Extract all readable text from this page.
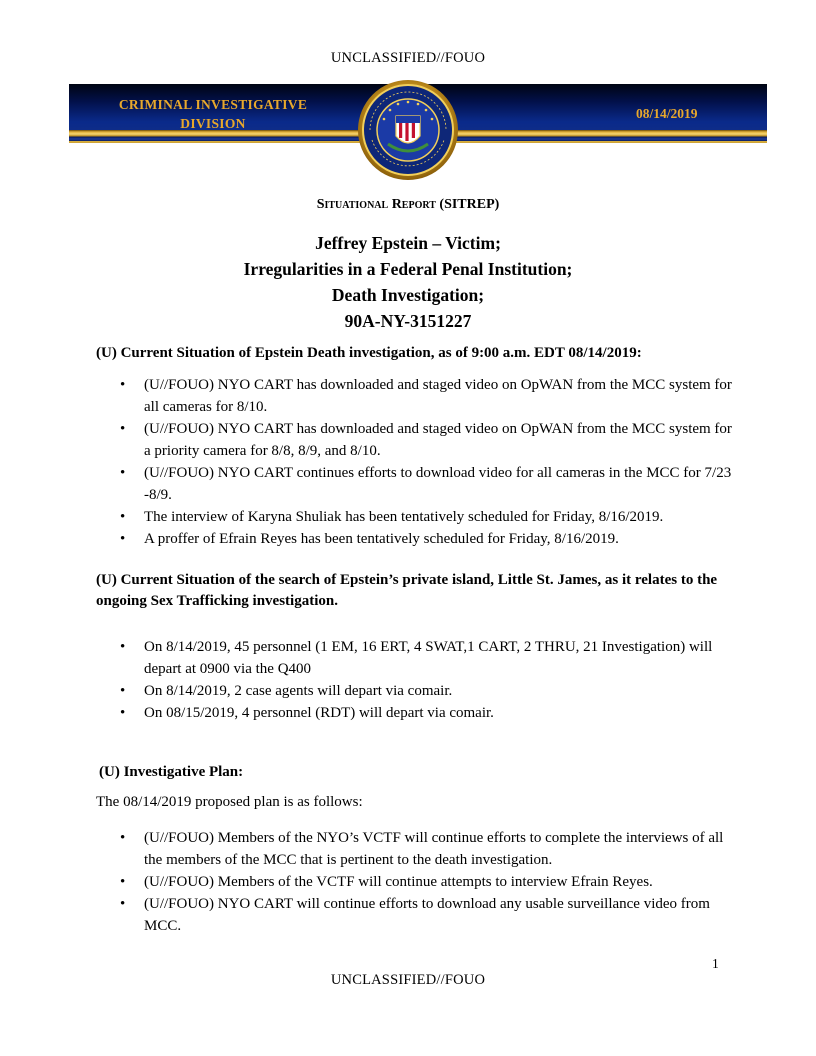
UNCLASSIFIED//FOUO
CRIMINAL INVESTIGATIVE
DIVISION
08/14/2019
Situational Report (SITREP)
Jeffrey Epstein – Victim;
Irregularities in a Federal Penal Institution;
Death Investigation;
90A-NY-3151227
(U) Current Situation of Epstein Death investigation, as of 9:00 a.m. EDT 08/14/2019:
• (U//FOUO) NYO CART has downloaded and staged video on OpWAN from the MCC system for all cameras for 8/10.
• (U//FOUO) NYO CART has downloaded and staged video on OpWAN from the MCC system for a priority camera for 8/8, 8/9, and 8/10.
• (U//FOUO) NYO CART continues efforts to download video for all cameras in the MCC for 7/23 -8/9.
• The interview of Karyna Shuliak has been tentatively scheduled for Friday, 8/16/2019.
• A proffer of Efrain Reyes has been tentatively scheduled for Friday, 8/16/2019.
(U) Current Situation of the search of Epstein’s private island, Little St. James, as it relates to the ongoing Sex Trafficking investigation.
• On 8/14/2019, 45 personnel (1 EM, 16 ERT, 4 SWAT,1 CART, 2 THRU, 21 Investigation) will depart at 0900 via the Q400
• On 8/14/2019, 2 case agents will depart via comair.
• On 08/15/2019, 4 personnel (RDT) will depart via comair.
(U) Investigative Plan:
The 08/14/2019 proposed plan is as follows:
• (U//FOUO) Members of the NYO’s VCTF will continue efforts to complete the interviews of all the members of the MCC that is pertinent to the death investigation.
• (U//FOUO) Members of the VCTF will continue attempts to interview Efrain Reyes.
• (U//FOUO) NYO CART will continue efforts to download any usable surveillance video from MCC.
1
UNCLASSIFIED//FOUO
